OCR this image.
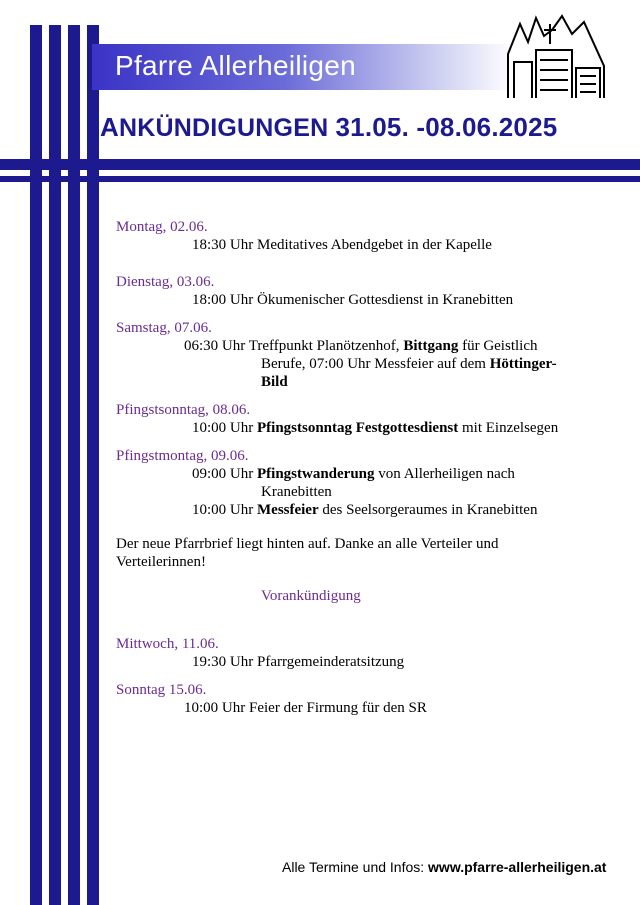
Pfarre Allerheiligen
ANKÜNDIGUNGEN 31.05. -08.06.2025
Montag, 02.06.
18:30 Uhr Meditatives Abendgebet in der Kapelle
Dienstag, 03.06.
18:00 Uhr Ökumenischer Gottesdienst in Kranebitten
Samstag, 07.06.
06:30 Uhr Treffpunkt Planötzenhof, Bittgang für Geistlich
Berufe, 07:00 Uhr Messfeier auf dem Höttinger-
Bild
Pfingstsonntag, 08.06.
10:00 Uhr Pfingstsonntag Festgottesdienst mit Einzelsegen
Pfingstmontag, 09.06.
09:00 Uhr Pfingstwanderung von Allerheiligen nach
Kranebitten
10:00 Uhr Messfeier des Seelsorgeraumes in Kranebitten
Der neue Pfarrbrief liegt hinten auf. Danke an alle Verteiler und Verteilerinnen!
Vorankündigung
Mittwoch, 11.06.
19:30 Uhr Pfarrgemeinderatsitzung
Sonntag 15.06.
10:00 Uhr Feier der Firmung für den SR
Alle Termine und Infos: www.pfarre-allerheiligen.at
